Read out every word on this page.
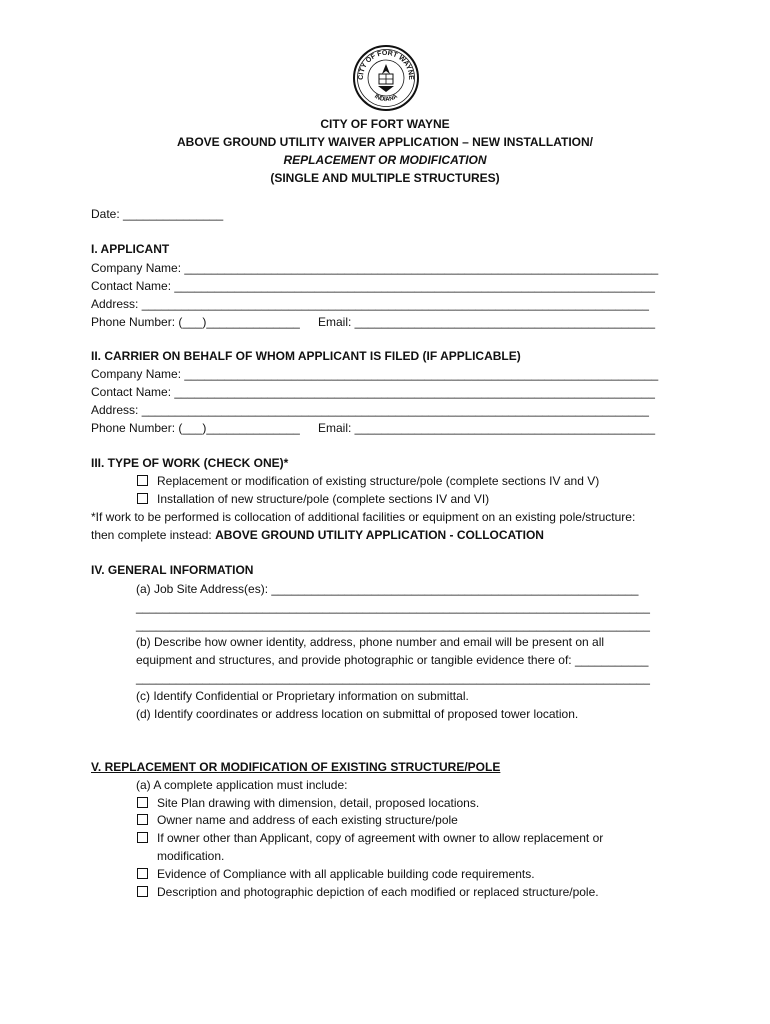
CITY OF FORT WAYNE
INDIANA
CITY OF FORT WAYNE
ABOVE GROUND UTILITY WAIVER APPLICATION – NEW INSTALLATION/
REPLACEMENT OR MODIFICATION
(SINGLE AND MULTIPLE STRUCTURES)
Date: _______________
I. APPLICANT
Company Name: _______________________________________________________________________
Contact Name: ________________________________________________________________________
Address: ____________________________________________________________________________
Phone Number: (___)______________ Email: _____________________________________________
II. CARRIER ON BEHALF OF WHOM APPLICANT IS FILED (IF APPLICABLE)
Company Name: _______________________________________________________________________
Contact Name: ________________________________________________________________________
Address: ____________________________________________________________________________
Phone Number: (___)______________ Email: _____________________________________________
III. TYPE OF WORK (CHECK ONE)*
Replacement or modification of existing structure/pole (complete sections IV and V)
Installation of new structure/pole (complete sections IV and VI)
*If work to be performed is collocation of additional facilities or equipment on an existing pole/structure:
then complete instead: ABOVE GROUND UTILITY APPLICATION - COLLOCATION
IV. GENERAL INFORMATION
(a) Job Site Address(es): _______________________________________________________
_____________________________________________________________________________
_____________________________________________________________________________
(b) Describe how owner identity, address, phone number and email will be present on all
equipment and structures, and provide photographic or tangible evidence there of: ___________
_____________________________________________________________________________
(c) Identify Confidential or Proprietary information on submittal.
(d) Identify coordinates or address location on submittal of proposed tower location.
V. REPLACEMENT OR MODIFICATION OF EXISTING STRUCTURE/POLE
(a) A complete application must include:
Site Plan drawing with dimension, detail, proposed locations.
Owner name and address of each existing structure/pole
If owner other than Applicant, copy of agreement with owner to allow replacement or
modification.
Evidence of Compliance with all applicable building code requirements.
Description and photographic depiction of each modified or replaced structure/pole.
